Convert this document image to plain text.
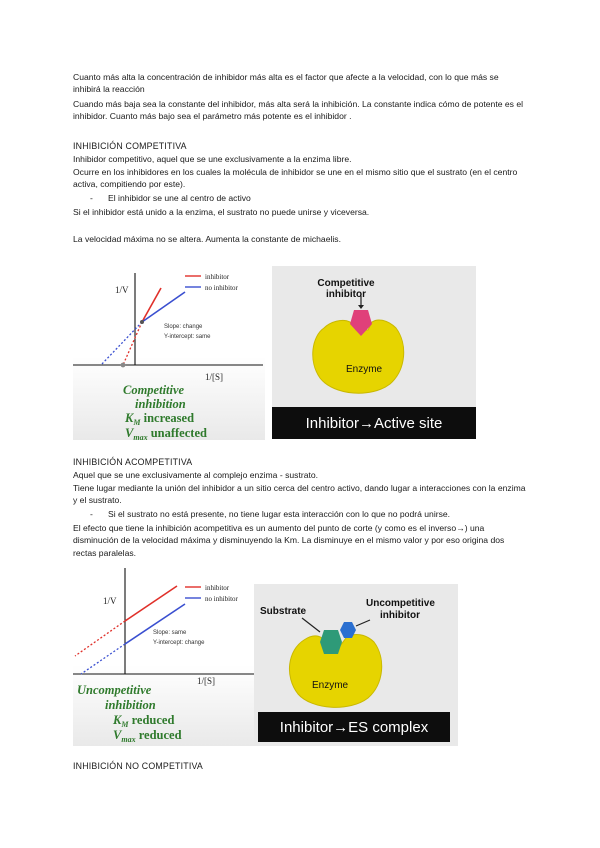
Cuanto más alta la concentración de inhibidor más alta es el factor que afecte a la velocidad, con lo que más se inhibirá la reacción
Cuando más baja sea la constante del inhibidor, más alta será la inhibición. La constante indica cómo de potente es el inhibidor. Cuanto más bajo sea el parámetro más potente es el inhibidor .
INHIBICIÓN COMPETITIVA
Inhibidor competitivo, aquel que se une exclusivamente a la enzima libre.
Ocurre en los inhibidores en los cuales la molécula de inhibidor se une en el mismo sitio que el sustrato (en el centro activa, compitiendo por este).
- El inhibidor se une al centro de activo
Si el inhibidor está unido a la enzima, el sustrato no puede unirse y viceversa.
La velocidad máxima no se altera. Aumenta la constante de michaelis.
1/V
1/[S]
inhibitor
no inhibitor
Slope: change
Y-intercept: same
Competitive
inhibition
$K_M$ increased
$V_{max}$ unaffected
Competitive
inhibitor
Enzyme
Inhibitor→Active site
INHIBICIÓN ACOMPETITIVA
Aquel que se une exclusivamente al complejo enzima - sustrato.
Tiene lugar mediante la unión del inhibidor a un sitio cerca del centro activo, dando lugar a interacciones con la enzima y el sustrato.
- Si el sustrato no está presente, no tiene lugar esta interacción con lo que no podrá unirse.
El efecto que tiene la inhibición acompetitiva es un aumento del punto de corte (y como es el inverso→) una disminución de la velocidad máxima y disminuyendo la Km. La disminuye en el mismo valor y por eso origina dos rectas paralelas.
1/V
1/[S]
inhibitor
no inhibitor
Slope: same
Y-intercept: change
Uncompetitive
inhibition
$K_M$ reduced
$V_{max}$ reduced
Substrate
Uncompetitive
inhibitor
Enzyme
Inhibitor→ES complex
INHIBICIÓN NO COMPETITIVA
